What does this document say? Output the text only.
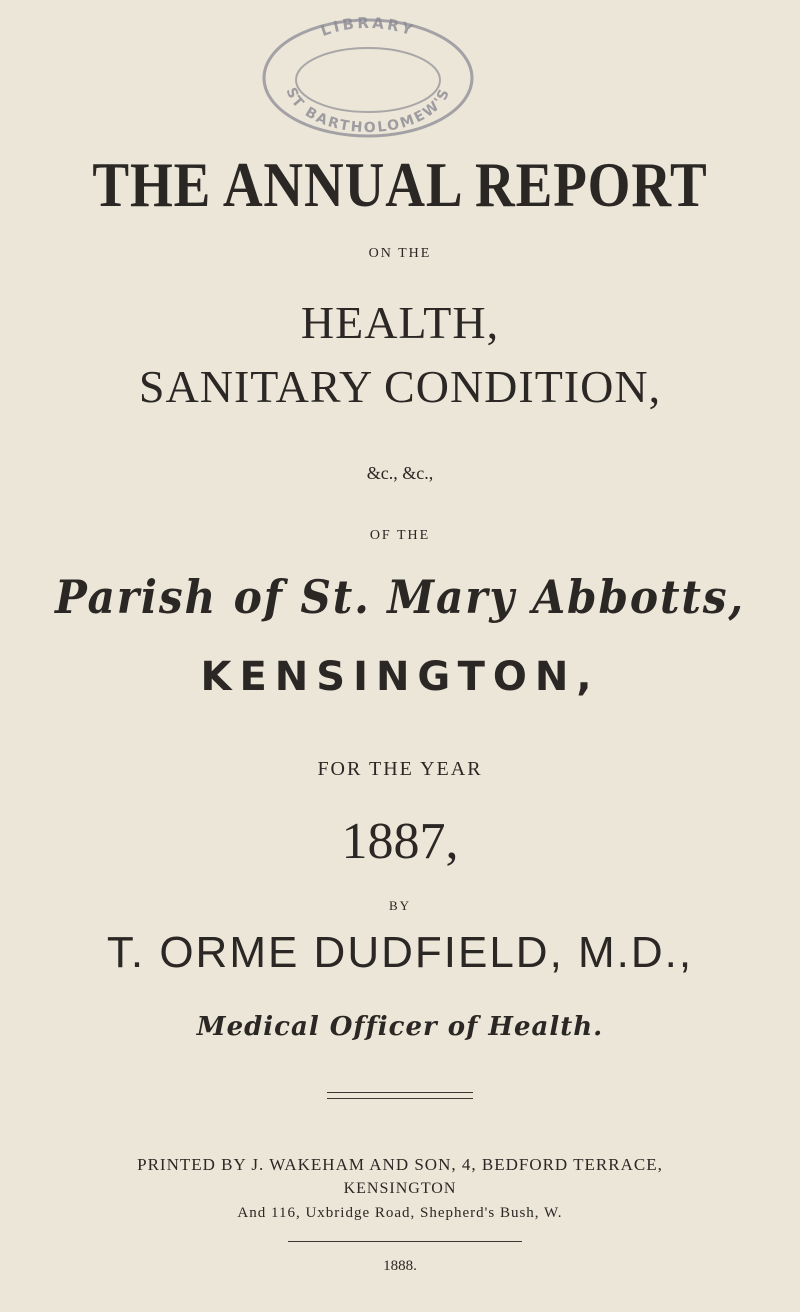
LIBRARY
ST BARTHOLOMEW'S
THE ANNUAL REPORT
ON THE
HEALTH,
SANITARY CONDITION,
&c., &c.,
OF THE
Parish of St. Mary Abbotts,
KENSINGTON,
FOR THE YEAR
1887,
BY
T. ORME DUDFIELD, M.D.,
Medical Officer of Health.
PRINTED BY J. WAKEHAM AND SON, 4, BEDFORD TERRACE,
KENSINGTON
And 116, Uxbridge Road, Shepherd's Bush, W.
1888.
